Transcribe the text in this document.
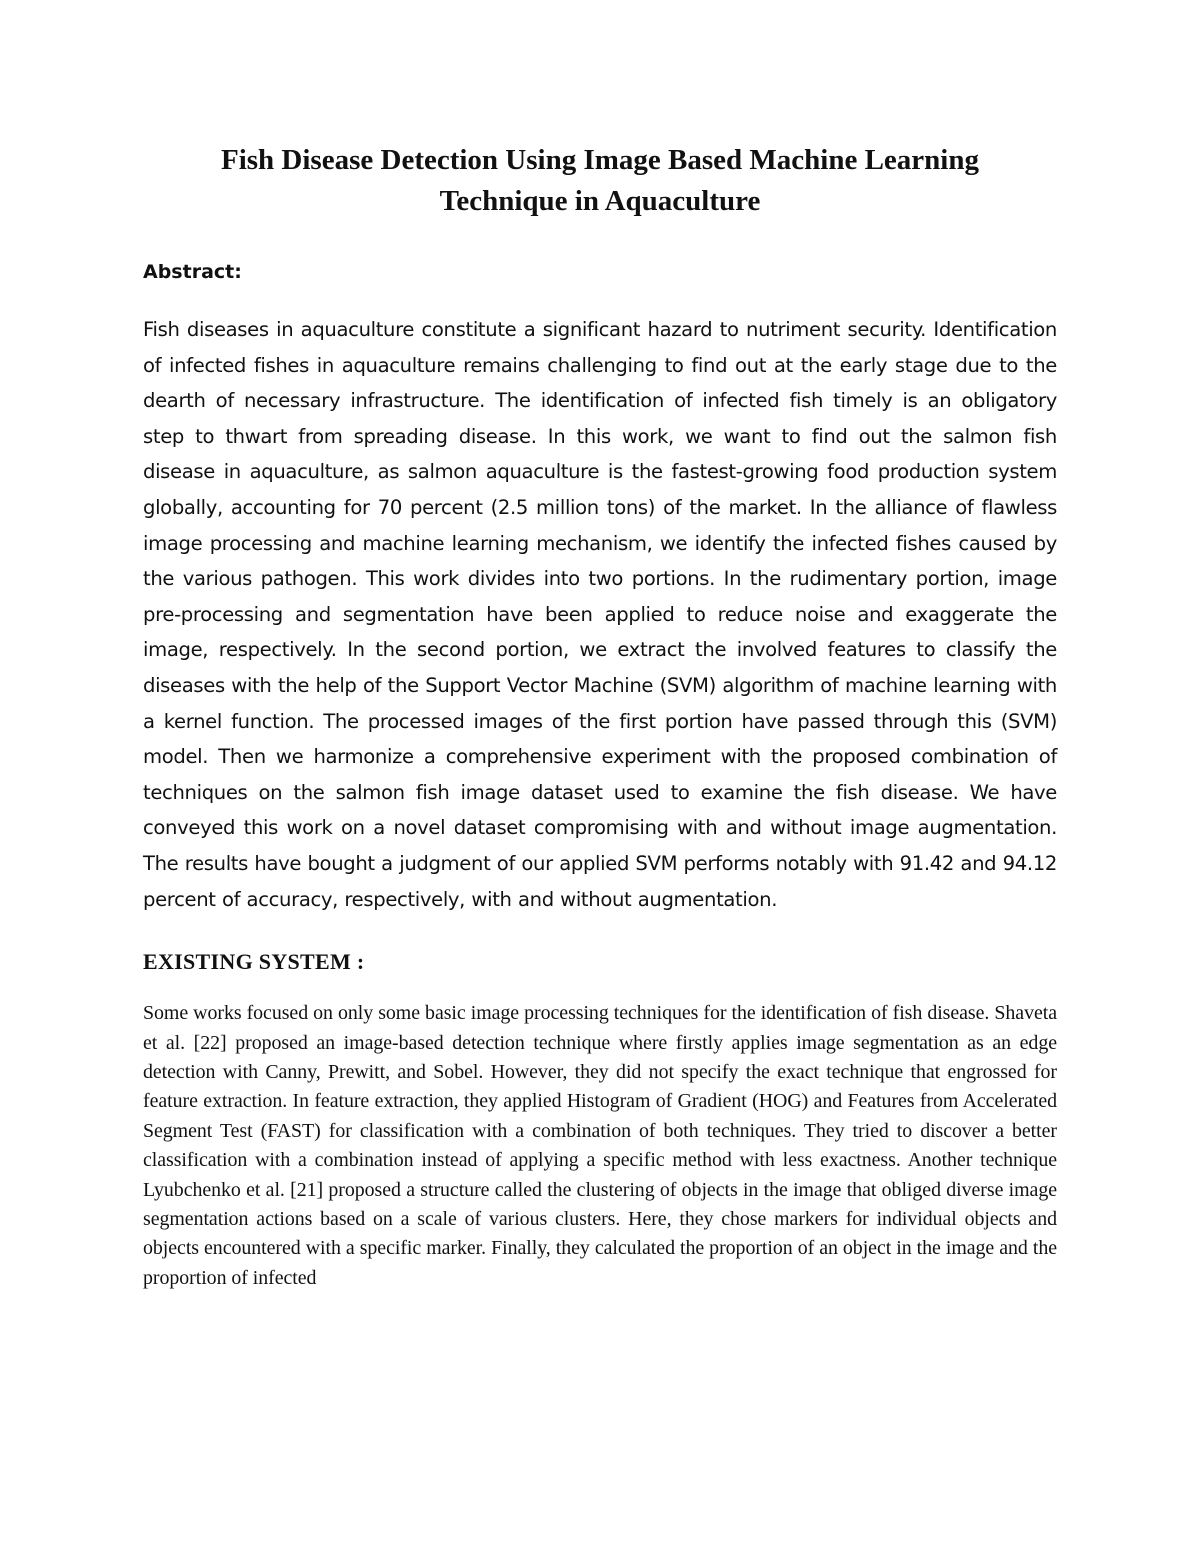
Fish Disease Detection Using Image Based Machine Learning Technique in Aquaculture
Abstract:

Fish diseases in aquaculture constitute a significant hazard to nutriment security. Identification of infected fishes in aquaculture remains challenging to find out at the early stage due to the dearth of necessary infrastructure. The identification of infected fish timely is an obligatory step to thwart from spreading disease. In this work, we want to find out the salmon fish disease in aquaculture, as salmon aquaculture is the fastest-growing food production system globally, accounting for 70 percent (2.5 million tons) of the market. In the alliance of flawless image processing and machine learning mechanism, we identify the infected fishes caused by the various pathogen. This work divides into two portions. In the rudimentary portion, image pre-processing and segmentation have been applied to reduce noise and exaggerate the image, respectively. In the second portion, we extract the involved features to classify the diseases with the help of the Support Vector Machine (SVM) algorithm of machine learning with a kernel function. The processed images of the first portion have passed through this (SVM) model. Then we harmonize a comprehensive experiment with the proposed combination of techniques on the salmon fish image dataset used to examine the fish disease. We have conveyed this work on a novel dataset compromising with and without image augmentation. The results have bought a judgment of our applied SVM performs notably with 91.42 and 94.12 percent of accuracy, respectively, with and without augmentation.

EXISTING SYSTEM :

Some works focused on only some basic image processing techniques for the identification of fish disease. Shaveta et al. [22] proposed an image-based detection technique where firstly applies image segmentation as an edge detection with Canny, Prewitt, and Sobel. However, they did not specify the exact technique that engrossed for feature extraction. In feature extraction, they applied Histogram of Gradient (HOG) and Features from Accelerated Segment Test (FAST) for classification with a combination of both techniques. They tried to discover a better classification with a combination instead of applying a specific method with less exactness. Another technique Lyubchenko et al. [21] proposed a structure called the clustering of objects in the image that obliged diverse image segmentation actions based on a scale of various clusters. Here, they chose markers for individual objects and objects encountered with a specific marker. Finally, they calculated the proportion of an object in the image and the proportion of infected
